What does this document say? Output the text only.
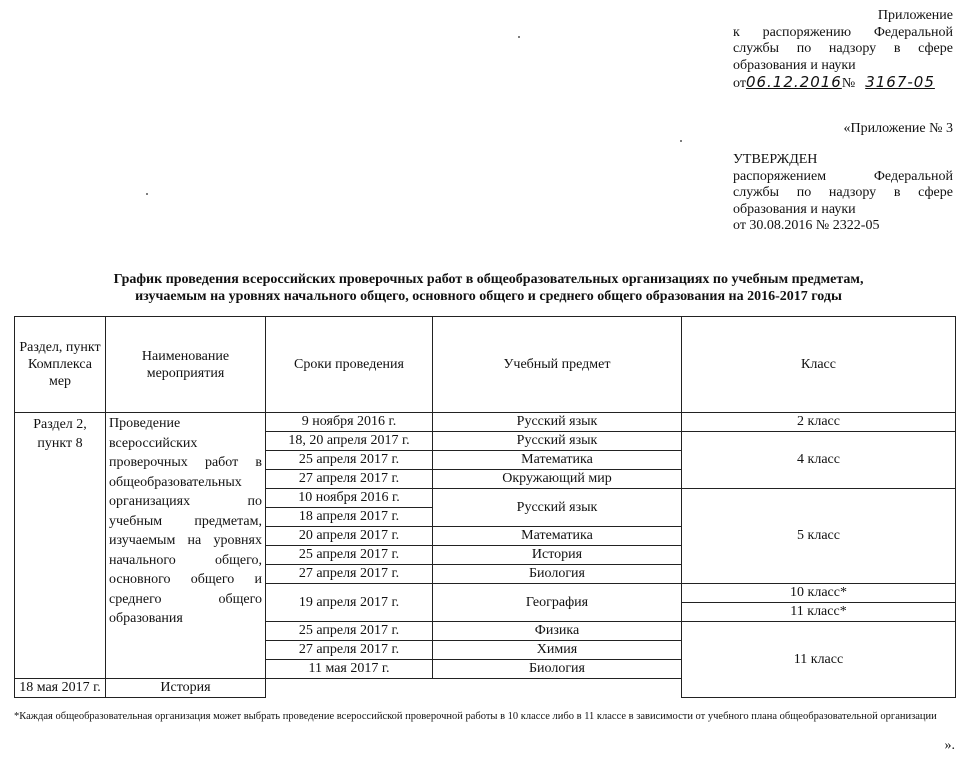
Приложение
к распоряжению Федеральной
службы по надзору в сфере
образования и науки
от06.12.2016№ 3167-05
«Приложение № 3
УТВЕРЖДЕН
распоряжением Федеральной
службы по надзору в сфере
образования и науки
от 30.08.2016 № 2322-05
График проведения всероссийских проверочных работ в общеобразовательных организациях по учебным предметам,
изучаемым на уровнях начального общего, основного общего и среднего общего образования на 2016-2017 годы
Раздел, пункт Комплекса мер	Наименование мероприятия	Сроки проведения	Учебный предмет	Класс
Раздел 2, пункт 8	Проведение всероссийских проверочных работ в общеобразовательных организациях по учебным предметам, изучаемым на уровнях начального общего, основного общего и среднего общего образования	9 ноября 2016 г.	Русский язык	2 класс
		18, 20 апреля 2017 г.	Русский язык	4 класс
		25 апреля 2017 г.	Математика	
		27 апреля 2017 г.	Окружающий мир	
		10 ноября 2016 г.	Русский язык	5 класс
		18 апреля 2017 г.		
		20 апреля 2017 г.	Математика	
		25 апреля 2017 г.	История	
		27 апреля 2017 г.	Биология	
		19 апреля 2017 г.	География	10 класс*
				11 класс*
		25 апреля 2017 г.	Физика	11 класс
		27 апреля 2017 г.	Химия	
		11 мая 2017 г.	Биология	
18 мая 2017 г.	История			
*Каждая общеобразовательная организация может выбрать проведение всероссийской проверочной работы в 10 классе либо в 11 классе в зависимости от учебного плана общеобразовательной организации
».
